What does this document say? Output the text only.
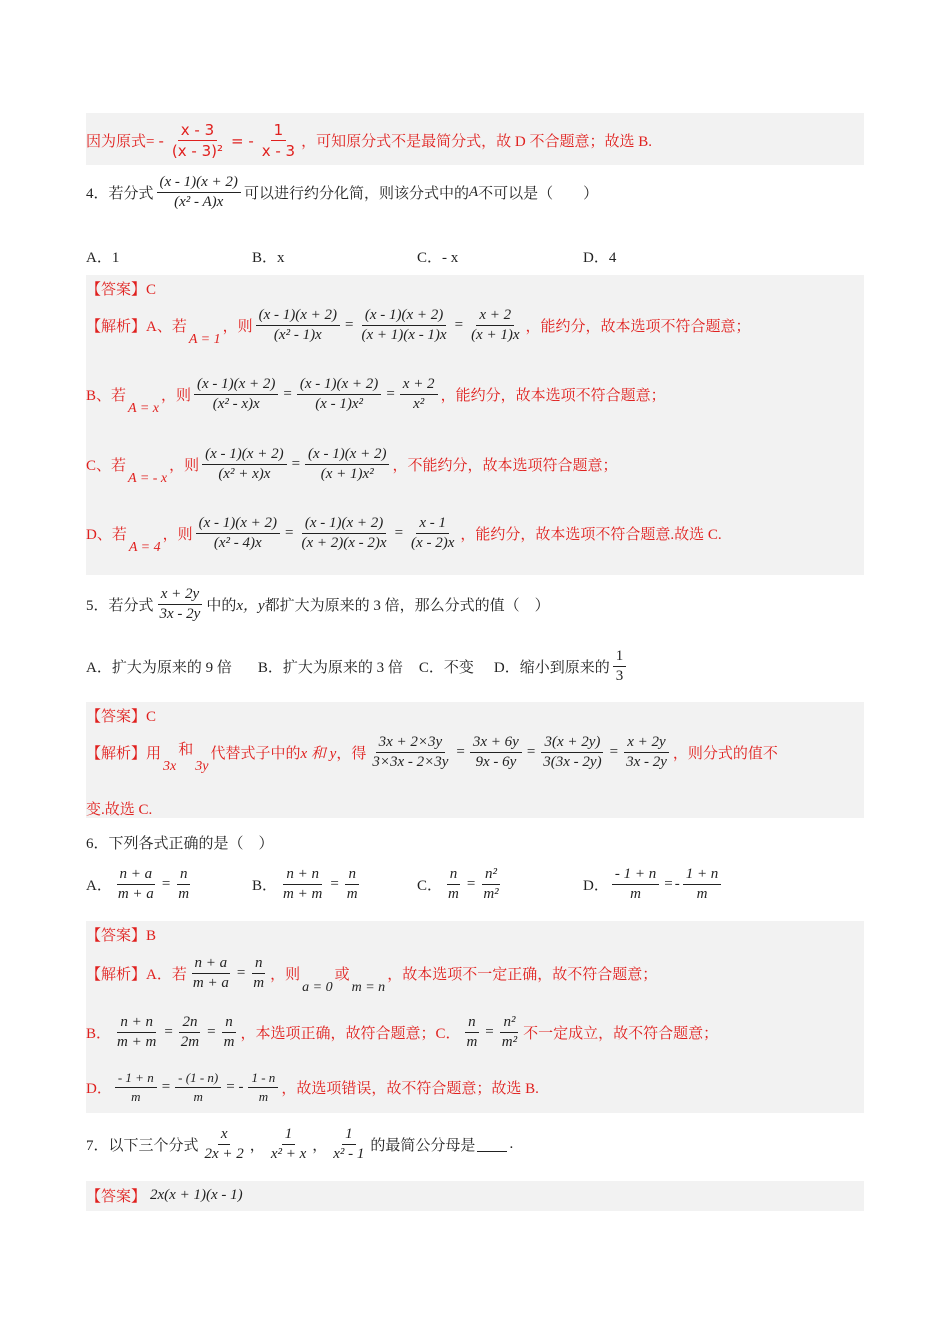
因为原式= - $\frac{x - 3}{\text{(x - 3)²}}$ = - $\frac{1}{x - 3}$ ，可知原分式不是最简分式，故 D 不合题意；故选 B.
4．若分式 $\frac{(x - 1)(x + 2)}{\text{(x² - A)x}}$ 可以进行约分化简，则该分式中的 A 不可以是（　　）
A．1	B．x	C．- x	D．4
【答案】C
【解析】 A、若
A = 1
，则 $\frac{(x - 1)(x + 2)}{\text{(x² - 1)x}} = \frac{(x - 1)(x + 2)}{(x + 1)(x - 1)x} = \frac{x + 2}{(x + 1)x}$ ，能约分，故本选项不符合题意；
B、若
A = x
，则 $\frac{(x - 1)(x + 2)}{\text{(x² - x)x}} = \frac{(x - 1)(x + 2)}{\text{(x - 1)x²}} = \frac{x + 2}{\text{x²}}$ ，能约分，故本选项不符合题意；
C、若
A = - x
，则 $\frac{(x - 1)(x + 2)}{\text{(x² + x)x}} = \frac{(x - 1)(x + 2)}{\text{(x + 1)x²}}$ ，不能约分，故本选项符合题意；
D、若
A = 4
，则 $\frac{(x - 1)(x + 2)}{\text{(x² - 4)x}} = \frac{(x - 1)(x + 2)}{(x + 2)(x - 2)x} = \frac{x - 1}{(x - 2)x}$ ，能约分，故本选项不符合题意.故选 C.
5．若分式 $\frac{x + 2y}{3x - 2y}$ 中的 x，y 都扩大为原来的 3 倍，那么分式的值（　）
A．扩大为原来的 9 倍 B．扩大为原来的 3 倍 C．不变 D．缩小到原来的 $\frac{1}{3}$
【答案】C
【解析】 用
3x
和
3y
代替式子中的 x 和 y ，得 $\frac{3x + 2\times 3y}{3\times 3x - 2\times 3y} = \frac{3x + 6y}{9x - 6y} = \frac{3(x + 2y)}{3(3x - 2y)} = \frac{x + 2y}{3x - 2y}$ ，则分式的值不
变.故选 C.
6．下列各式正确的是（　）
A． $\frac{n + a}{m + a} = \frac{n}{m}$	B． $\frac{n + n}{m + m} = \frac{n}{m}$	C． $\frac{n}{m} = \frac{\text{n²}}{\text{m²}}$	D． $\frac{- 1 + n}{m}$ = - $\frac{1 + n}{m}$
【答案】B
【解析】 A．若 $\frac{n + a}{m + a} = \frac{n}{m}$ ，则
a = 0
或
m = n
，故本选项不一定正确，故不符合题意；
B． $\frac{n + n}{m + m} = \frac{2n}{2m} = \frac{n}{m}$ ，本选项正确，故符合题意；C． $\frac{n}{m} = \frac{\text{n²}}{\text{m²}}$ 不一定成立，故不符合题意；
D． $\frac{- 1 + n}{m} = \frac{- (1 - n)}{m}$ = - $\frac{1 - n}{m}$ ，故选项错误，故不符合题意；故选 B.
7．以下三个分式 $\frac{x}{2x + 2}$ ， $\frac{1}{\text{x² + x}}$ ， $\frac{1}{\text{x² - 1}}$ 的最简公分母是 .
【答案】 2x(x + 1)(x - 1)
